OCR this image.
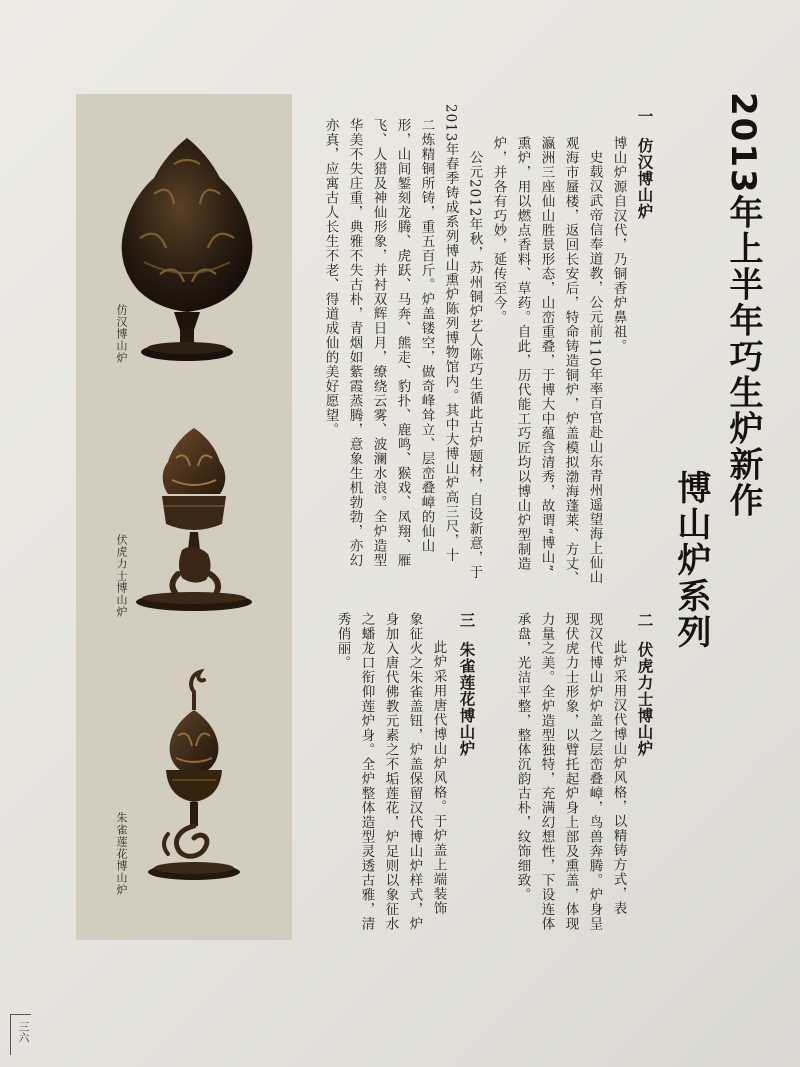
仿汉博山炉
伏虎力士博山炉
朱雀莲花博山炉
2013年上半年巧生炉新作
博山炉系列
一  仿汉博山炉
博山炉源自汉代，乃铜香炉鼻祖。
史载汉武帝信奉道教，公元前110年率百官赴山东青州遥望海上仙山
观海市蜃楼，返回长安后，特命铸造铜炉，炉盖模拟渤海蓬莱、方丈、
瀛洲三座仙山胜景形态，山峦重叠，于博大中蕴含清秀，故谓“博山”
熏炉，用以燃点香料、草药。自此，历代能工巧匠均以博山炉型制造
炉，并各有巧妙，延传至今。
公元2012年秋，苏州铜炉艺人陈巧生循此古炉题材，自设新意，于
2013年春季铸成系列博山熏炉陈列博物馆内。其中大博山炉高三尺，十
二炼精铜所铸，重五百斤。炉盖镂空，做奇峰耸立、层峦叠嶂的仙山
形，山间錾刻龙腾、虎跃、马奔、熊走、豹扑、鹿鸣、猴戏、凤翔、雁
飞、人猎及神仙形象，并衬双辉日月，缭绕云雾、波澜水浪。全炉造型
华美不失庄重，典雅不失古朴，青烟如紫霞蒸腾，意象生机勃勃，亦幻
亦真，应寓古人长生不老、得道成仙的美好愿望。
二  伏虎力士博山炉
此炉采用汉代博山炉风格，以精铸方式，表
现汉代博山炉炉盖之层峦叠嶂，鸟兽奔腾。炉身呈
现伏虎力士形象，以臂托起炉身上部及熏盖，体现
力量之美。全炉造型独特，充满幻想性，下设连体
承盘，光洁平整，整体沉韵古朴，纹饰细致。
三  朱雀莲花博山炉
此炉采用唐代博山炉风格。于炉盖上端装饰
象征火之朱雀盖钮，炉盖保留汉代博山炉样式，炉
身加入唐代佛教元素之不垢莲花，炉足则以象征水
之蟠龙口衔仰莲炉身。全炉整体造型灵透古雅，清
秀俏丽。
三六
